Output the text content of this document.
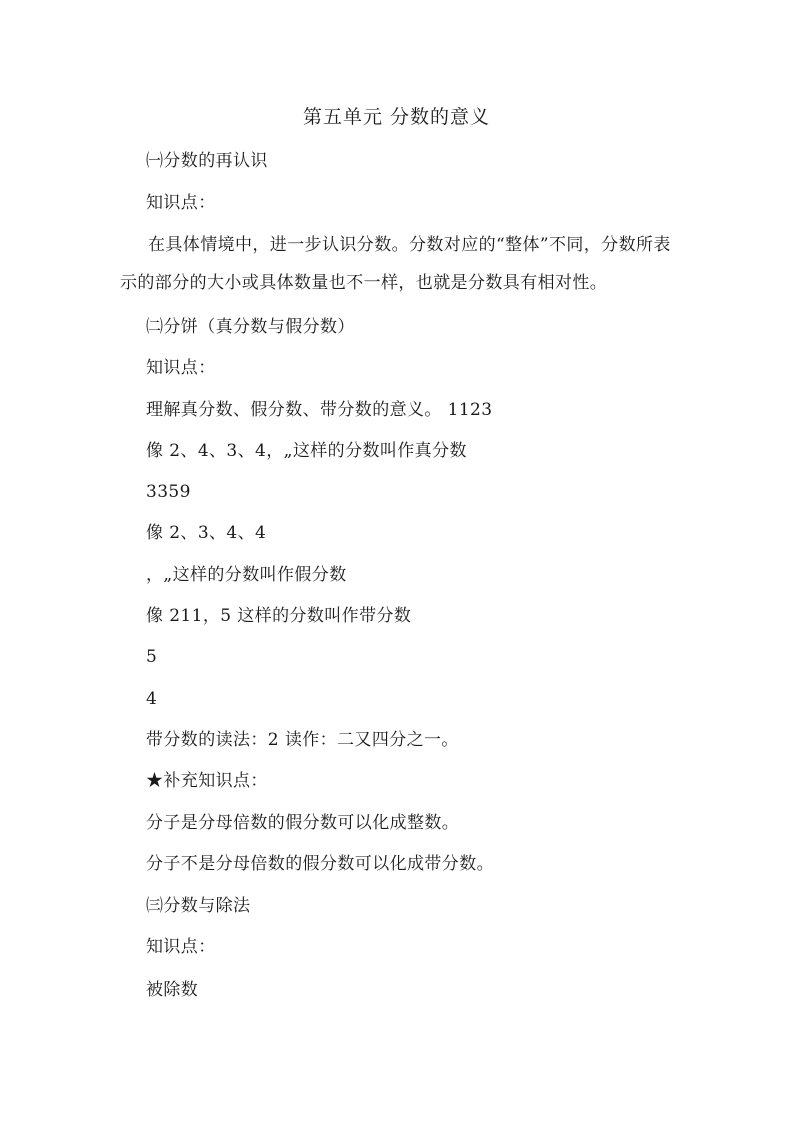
第五单元 分数的意义
㈠分数的再认识
知识点：
在具体情境中，进一步认识分数。分数对应的“整体”不同，分数所表示的部分的大小或具体数量也不一样，也就是分数具有相对性。
㈡分饼（真分数与假分数）
知识点：
理解真分数、假分数、带分数的意义。 1123
像 2、4、3、4，„这样的分数叫作真分数
3359
像 2、3、4、4
，„这样的分数叫作假分数
像 211，5 这样的分数叫作带分数
5
4
带分数的读法：2 读作：二又四分之一。
★补充知识点：
分子是分母倍数的假分数可以化成整数。
分子不是分母倍数的假分数可以化成带分数。
㈢分数与除法
知识点：
被除数
